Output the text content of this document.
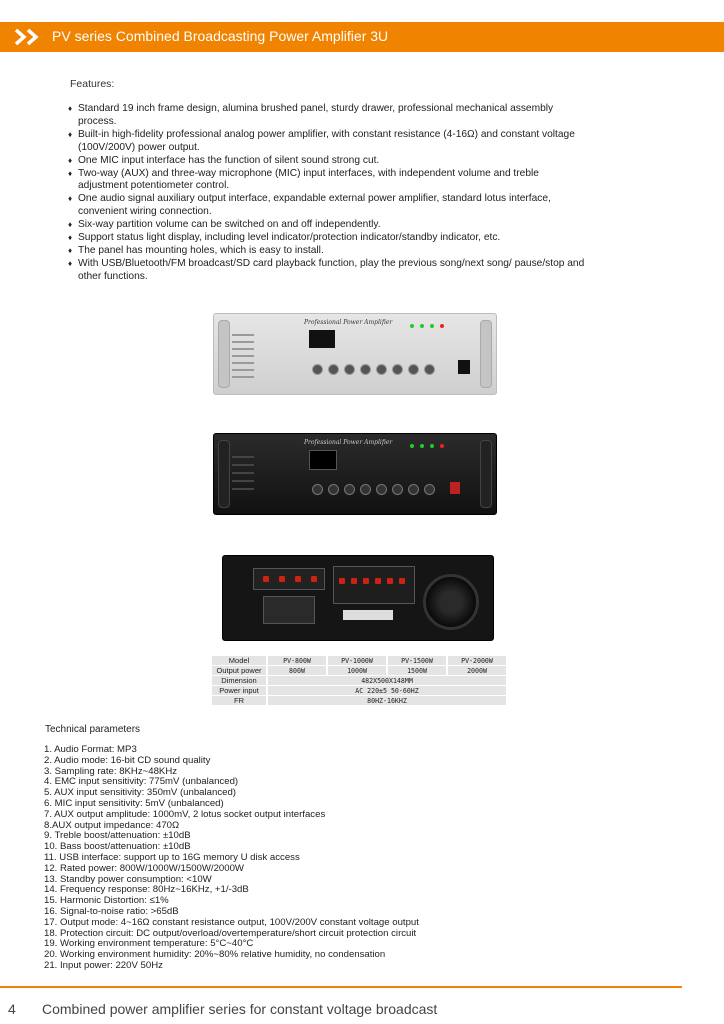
PV series Combined Broadcasting Power Amplifier 3U
Features:
♦ Standard 19 inch frame design, alumina brushed panel, sturdy drawer, professional mechanical assembly process.
♦ Built-in high-fidelity professional analog power amplifier, with constant resistance (4-16Ω) and constant voltage (100V/200V) power output.
♦ One MIC input interface has the function of silent sound strong cut.
♦ Two-way (AUX) and three-way microphone (MIC) input interfaces, with independent volume and treble adjustment potentiometer control.
♦ One audio signal auxiliary output interface, expandable external power amplifier, standard lotus interface, convenient wiring connection.
♦ Six-way partition volume can be switched on and off independently.
♦ Support status light display, including level indicator/protection indicator/standby indicator, etc.
♦ The panel has mounting holes, which is easy to install.
♦ With USB/Bluetooth/FM broadcast/SD card playback function, play the previous song/next song/ pause/stop and other functions.
Professional Power Amplifier
Professional Power Amplifier
Model	PV-800W	PV-1000W	PV-1500W	PV-2000W
Output power	800W	1000W	1500W	2000W
Dimension	482X500X148MM			
Power input	AC 220±5 50-60HZ			
FR	80HZ-16KHZ			
Technical parameters
1. Audio Format: MP3
2. Audio mode: 16-bit CD sound quality
3. Sampling rate: 8KHz~48KHz
4. EMC input sensitivity: 775mV (unbalanced)
5. AUX input sensitivity: 350mV (unbalanced)
6. MIC input sensitivity: 5mV (unbalanced)
7. AUX output amplitude: 1000mV, 2 lotus socket output interfaces
8.AUX output impedance: 470Ω
9. Treble boost/attenuation: ±10dB
10. Bass boost/attenuation: ±10dB
11. USB interface: support up to 16G memory U disk access
12. Rated power: 800W/1000W/1500W/2000W
13. Standby power consumption: <10W
14. Frequency response: 80Hz~16KHz, +1/-3dB
15. Harmonic Distortion: ≤1%
16. Signal-to-noise ratio: >65dB
17. Output mode: 4~16Ω constant resistance output, 100V/200V constant voltage output
18. Protection circuit: DC output/overload/overtemperature/short circuit protection circuit
19. Working environment temperature: 5°C~40°C
20. Working environment humidity: 20%~80% relative humidity, no condensation
21. Input power: 220V 50Hz
4 Combined power amplifier series for constant voltage broadcast
